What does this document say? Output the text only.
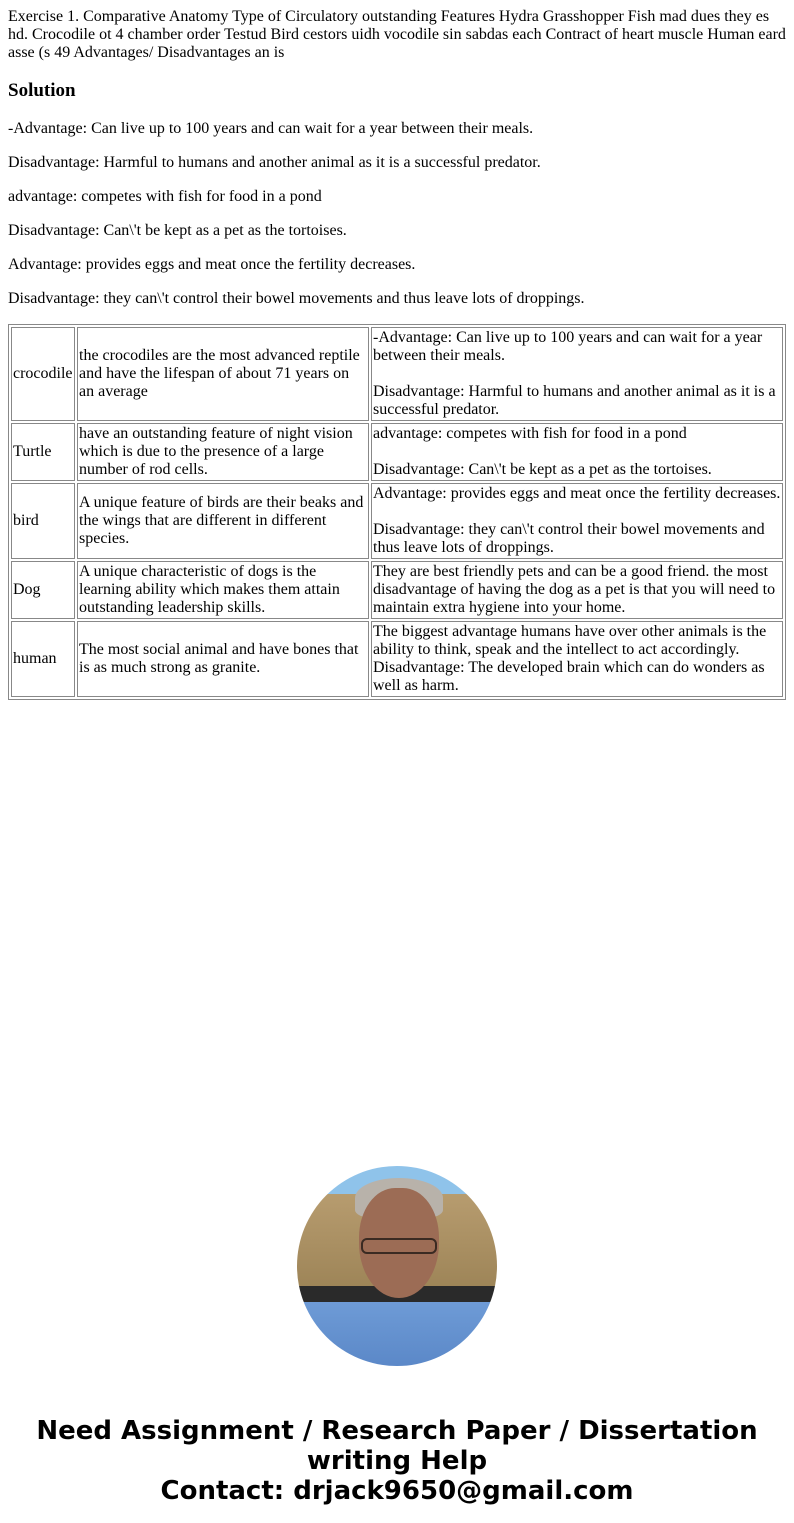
Exercise 1. Comparative Anatomy Type of Circulatory outstanding Features Hydra Grasshopper Fish mad dues they es hd. Crocodile ot 4 chamber order Testud Bird cestors uidh vocodile sin sabdas each Contract of heart muscle Human eard asse (s 49 Advantages/ Disadvantages an is

Solution

-Advantage: Can live up to 100 years and can wait for a year between their meals.

Disadvantage: Harmful to humans and another animal as it is a successful predator.

advantage: competes with fish for food in a pond

Disadvantage: Can\'t be kept as a pet as the tortoises.

Advantage: provides eggs and meat once the fertility decreases.

Disadvantage: they can\'t control their bowel movements and thus leave lots of droppings.

crocodile	the crocodiles are the most advanced reptile and have the lifespan of about 71 years on an average	-Advantage: Can live up to 100 years and can wait for a year between their meals.
Disadvantage: Harmful to humans and another animal as it is a successful predator.

Turtle	have an outstanding feature of night vision which is due to the presence of a large number of rod cells.	advantage: competes with fish for food in a pond
Disadvantage: Can\'t be kept as a pet as the tortoises.

bird	A unique feature of birds are their beaks and the wings that are different in different species.	Advantage: provides eggs and meat once the fertility decreases.
Disadvantage: they can\'t control their bowel movements and thus leave lots of droppings.

Dog	A unique characteristic of dogs is the learning ability which makes them attain outstanding leadership skills.	They are best friendly pets and can be a good friend. the most disadvantage of having the dog as a pet is that you will need to maintain extra hygiene into your home.
human	The most social animal and have bones that is as much strong as granite.	The biggest advantage humans have over other animals is the ability to think, speak and the intellect to act accordingly.
Disadvantage: The developed brain which can do wonders as well as harm.
Need Assignment / Research Paper / Dissertation writing Help
Contact: drjack9650@gmail.com
